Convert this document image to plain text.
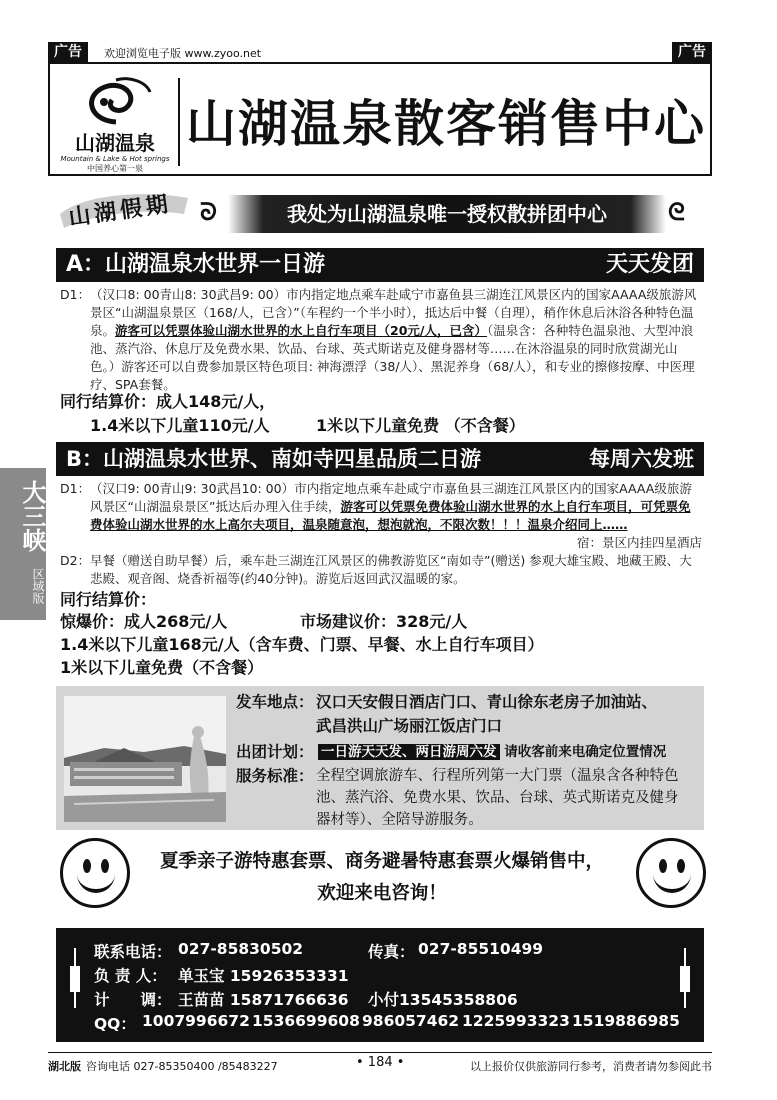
广告	欢迎浏览电子版 www.zyoo.net	广告
山湖温泉
Mountain & Lake & Hot springs
中国养心第一泉
山湖温泉散客销售中心
山湖假期 ᘐ	我处为山湖温泉唯一授权散拼团中心	ᘓ
A：山湖温泉水世界一日游	天天发团
D1： （汉口8: 00青山8: 30武昌9: 00）市内指定地点乘车赴咸宁市嘉鱼县三湖连江风景区内的国家AAAA级旅游风景区“山湖温泉景区（168/人，已含）”（车程约一个半小时），抵达后中餐（自理），稍作休息后沐浴各种特色温泉。游客可以凭票体验山湖水世界的水上自行车项目（20元/人，已含）（温泉含：各种特色温泉池、大型冲浪池、蒸汽浴、休息厅及免费水果、饮品、台球、英式斯诺克及健身器材等……在沐浴温泉的同时欣赏湖光山色。）游客还可以自费参加景区特色项目: 神海漂浮（38/人）、黑泥养身（68/人），和专业的擦修按摩、中医理疗、SPA套餐。
同行结算价：成人148元/人，
1.4米以下儿童110元/人	1米以下儿童免费 （不含餐）
B：山湖温泉水世界、南如寺四星品质二日游	每周六发班
D1： （汉口9: 00青山9: 30武昌10: 00）市内指定地点乘车赴咸宁市嘉鱼县三湖连江风景区内的国家AAAA级旅游风景区“山湖温泉景区”抵达后办理入住手续，游客可以凭票免费体验山湖水世界的水上自行车项目，可凭票免费体验山湖水世界的水上高尔夫项目，温泉随意泡，想泡就泡，不限次数！！！温泉介绍同上……
宿：景区内挂四星酒店
D2： 早餐（赠送自助早餐）后，乘车赴三湖连江风景区的佛教游览区“南如寺”(赠送) 参观大雄宝殿、地藏王殿、大悲殿、观音阁、烧香祈福等(约40分钟)。游览后返回武汉温暖的家。
同行结算价：
惊爆价：成人268元/人	市场建议价：328元/人
1.4米以下儿童168元/人（含车费、门票、早餐、水上自行车项目）
1米以下儿童免费（不含餐）
发车地点： 汉口天安假日酒店门口、青山徐东老房子加油站、
武昌洪山广场丽江饭店门口
出团计划： 一日游天天发、两日游周六发 请收客前来电确定位置情况
服务标准： 全程空调旅游车、行程所列第一大门票（温泉含各种特色池、蒸汽浴、免费水果、饮品、台球、英式斯诺克及健身器材等）、全陪导游服务。
夏季亲子游特惠套票、商务避暑特惠套票火爆销售中，
欢迎来电咨询！
联系电话： 027-85830502	传真： 027-85510499
负 责 人： 单玉宝 15926353331
计　　调： 王苗苗 15871766636 小付13545358806
QQ： 1007996672 1536699608 986057462 1225993323 1519886985
大三峡
区域版
湖北版 咨询电话 027-85350400 /85483227	• 184 •	以上报价仅供旅游同行参考，消费者请勿参阅此书
